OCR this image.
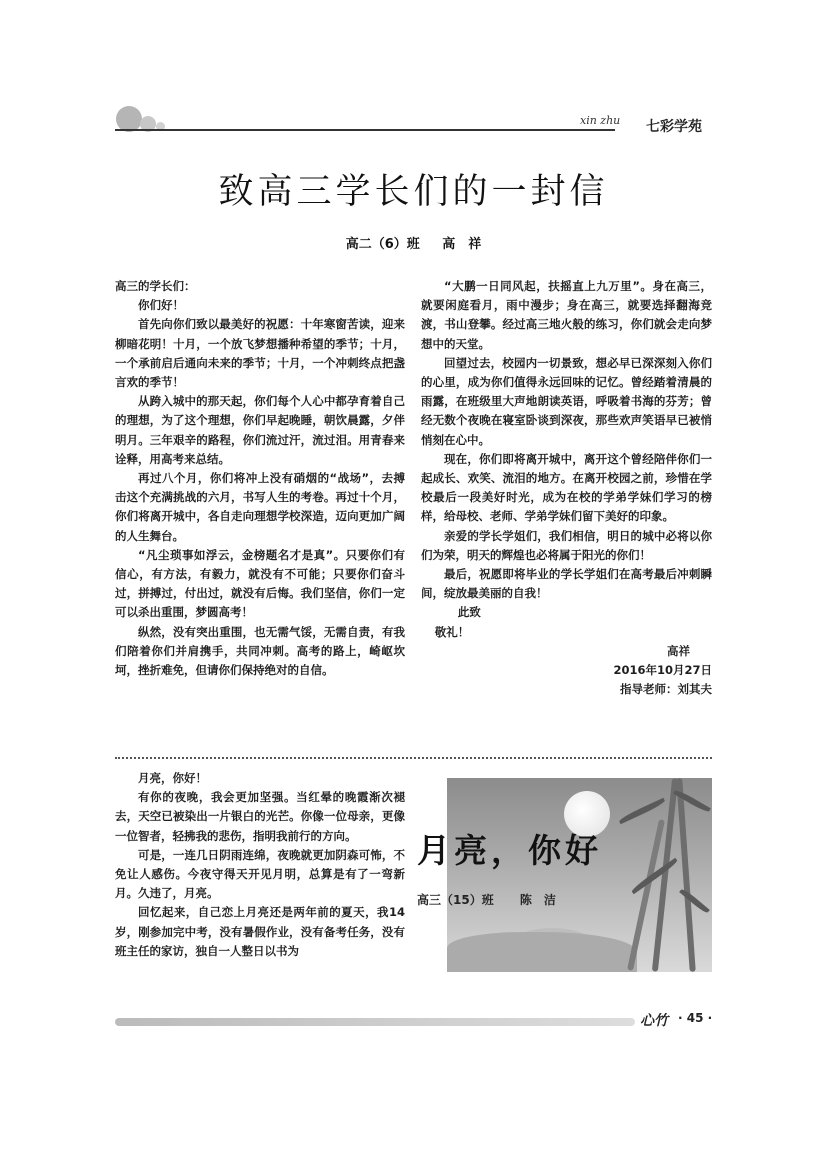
xin zhu 七彩学苑
致高三学长们的一封信
高二（6）班 高　祥

高三的学长们：

你们好！

首先向你们致以最美好的祝愿：十年寒窗苦读，迎来柳暗花明！十月，一个放飞梦想播种希望的季节；十月，一个承前启后通向未来的季节；十月，一个冲刺终点把盏言欢的季节！

从跨入城中的那天起，你们每个人心中都孕育着自己的理想，为了这个理想，你们早起晚睡，朝饮晨露，夕伴明月。三年艰辛的路程，你们流过汗，流过泪。用青春来诠释，用高考来总结。

再过八个月，你们将冲上没有硝烟的“战场”，去搏击这个充满挑战的六月，书写人生的考卷。再过十个月，你们将离开城中，各自走向理想学校深造，迈向更加广阔的人生舞台。

“凡尘琐事如浮云，金榜题名才是真”。只要你们有信心，有方法，有毅力，就没有不可能；只要你们奋斗过，拼搏过，付出过，就没有后悔。我们坚信，你们一定可以杀出重围，梦圆高考！

纵然，没有突出重围，也无需气馁，无需自责，有我们陪着你们并肩携手，共同冲刺。高考的路上，崎岖坎坷，挫折难免，但请你们保持绝对的自信。

“大鹏一日同风起，扶摇直上九万里”。身在高三，就要闲庭看月，雨中漫步；身在高三，就要选择翻海竞渡，书山登攀。经过高三地火般的练习，你们就会走向梦想中的天堂。

回望过去，校园内一切景致，想必早已深深刻入你们的心里，成为你们值得永远回味的记忆。曾经踏着清晨的雨露，在班级里大声地朗读英语，呼吸着书海的芬芳；曾经无数个夜晚在寝室卧谈到深夜，那些欢声笑语早已被悄悄刻在心中。

现在，你们即将离开城中，离开这个曾经陪伴你们一起成长、欢笑、流泪的地方。在离开校园之前，珍惜在学校最后一段美好时光，成为在校的学弟学妹们学习的榜样，给母校、老师、学弟学妹们留下美好的印象。

亲爱的学长学姐们，我们相信，明日的城中必将以你们为荣，明天的辉煌也必将属于阳光的你们！

最后，祝愿即将毕业的学长学姐们在高考最后冲刺瞬间，绽放最美丽的自我！

此致

敬礼！

高祥

2016年10月27日

指导老师：刘其夫

月亮，你好！

有你的夜晚，我会更加坚强。当红晕的晚霞渐次褪去，天空已被染出一片银白的光芒。你像一位母亲，更像一位智者，轻拂我的悲伤，指明我前行的方向。

可是，一连几日阴雨连绵，夜晚就更加阴森可怖，不免让人感伤。今夜守得天开见月明，总算是有了一弯新月。久违了，月亮。

回忆起来，自己恋上月亮还是两年前的夏天，我14岁，刚参加完中考，没有暑假作业，没有备考任务，没有班主任的家访，独自一人整日以书为

月亮，你好
高三（15）班 陈　洁
心竹 · 45 ·
